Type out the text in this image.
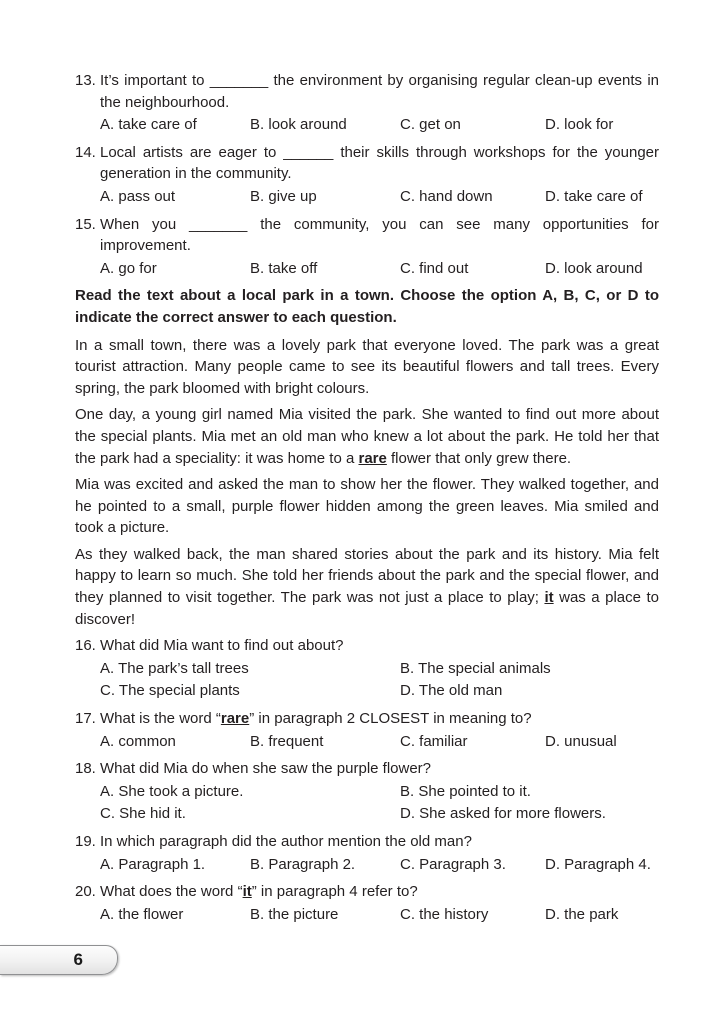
13. It’s important to _______ the environment by organising regular clean-up events in the neighbourhood.
A. take care of	B. look around	C. get on	D. look for
14. Local artists are eager to ______ their skills through workshops for the younger generation in the community.
A. pass out	B. give up	C. hand down	D. take care of
15. When you _______ the community, you can see many opportunities for improvement.
A. go for	B. take off	C. find out	D. look around
Read the text about a local park in a town. Choose the option A, B, C, or D to indicate the correct answer to each question.
In a small town, there was a lovely park that everyone loved. The park was a great tourist attraction. Many people came to see its beautiful flowers and tall trees. Every spring, the park bloomed with bright colours.
One day, a young girl named Mia visited the park. She wanted to find out more about the special plants. Mia met an old man who knew a lot about the park. He told her that the park had a speciality: it was home to a rare flower that only grew there.
Mia was excited and asked the man to show her the flower. They walked together, and he pointed to a small, purple flower hidden among the green leaves. Mia smiled and took a picture.
As they walked back, the man shared stories about the park and its history. Mia felt happy to learn so much. She told her friends about the park and the special flower, and they planned to visit together. The park was not just a place to play; it was a place to discover!
16. What did Mia want to find out about?
A. The park’s tall trees	B. The special animals
C. The special plants	D. The old man
17. What is the word “rare” in paragraph 2 CLOSEST in meaning to?
A. common	B. frequent	C. familiar	D. unusual
18. What did Mia do when she saw the purple flower?
A. She took a picture.	B. She pointed to it.
C. She hid it.	D. She asked for more flowers.
19. In which paragraph did the author mention the old man?
A. Paragraph 1.	B. Paragraph 2.	C. Paragraph 3.	D. Paragraph 4.
20. What does the word “it” in paragraph 4 refer to?
A. the flower	B. the picture	C. the history	D. the park
6
